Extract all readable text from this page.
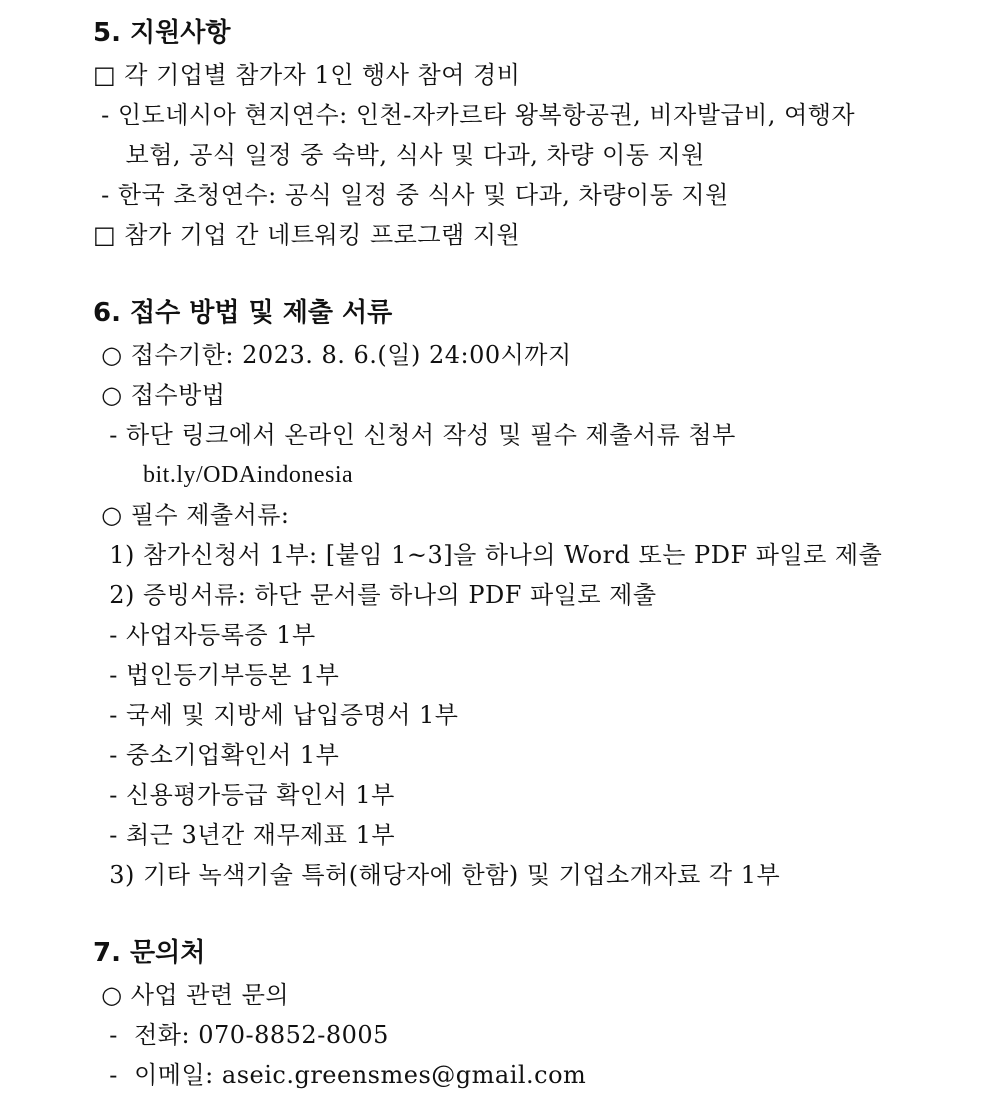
5. 지원사항
□ 각 기업별 참가자 1인 행사 참여 경비
- 인도네시아 현지연수: 인천-자카르타 왕복항공권, 비자발급비, 여행자
보험, 공식 일정 중 숙박, 식사 및 다과, 차량 이동 지원
- 한국 초청연수: 공식 일정 중 식사 및 다과, 차량이동 지원
□ 참가 기업 간 네트워킹 프로그램 지원
6. 접수 방법 및 제출 서류
○ 접수기한: 2023. 8. 6.(일) 24:00시까지
○ 접수방법
- 하단 링크에서 온라인 신청서 작성 및 필수 제출서류 첨부
bit.ly/ODAindonesia
○ 필수 제출서류:
1) 참가신청서 1부: [붙임 1~3]을 하나의 Word 또는 PDF 파일로 제출
2) 증빙서류: 하단 문서를 하나의 PDF 파일로 제출
- 사업자등록증 1부
- 법인등기부등본 1부
- 국세 및 지방세 납입증명서 1부
- 중소기업확인서 1부
- 신용평가등급 확인서 1부
- 최근 3년간 재무제표 1부
3) 기타 녹색기술 특허(해당자에 한함) 및 기업소개자료 각 1부
7. 문의처
○ 사업 관련 문의
-  전화: 070-8852-8005
-  이메일: aseic.greensmes@gmail.com
